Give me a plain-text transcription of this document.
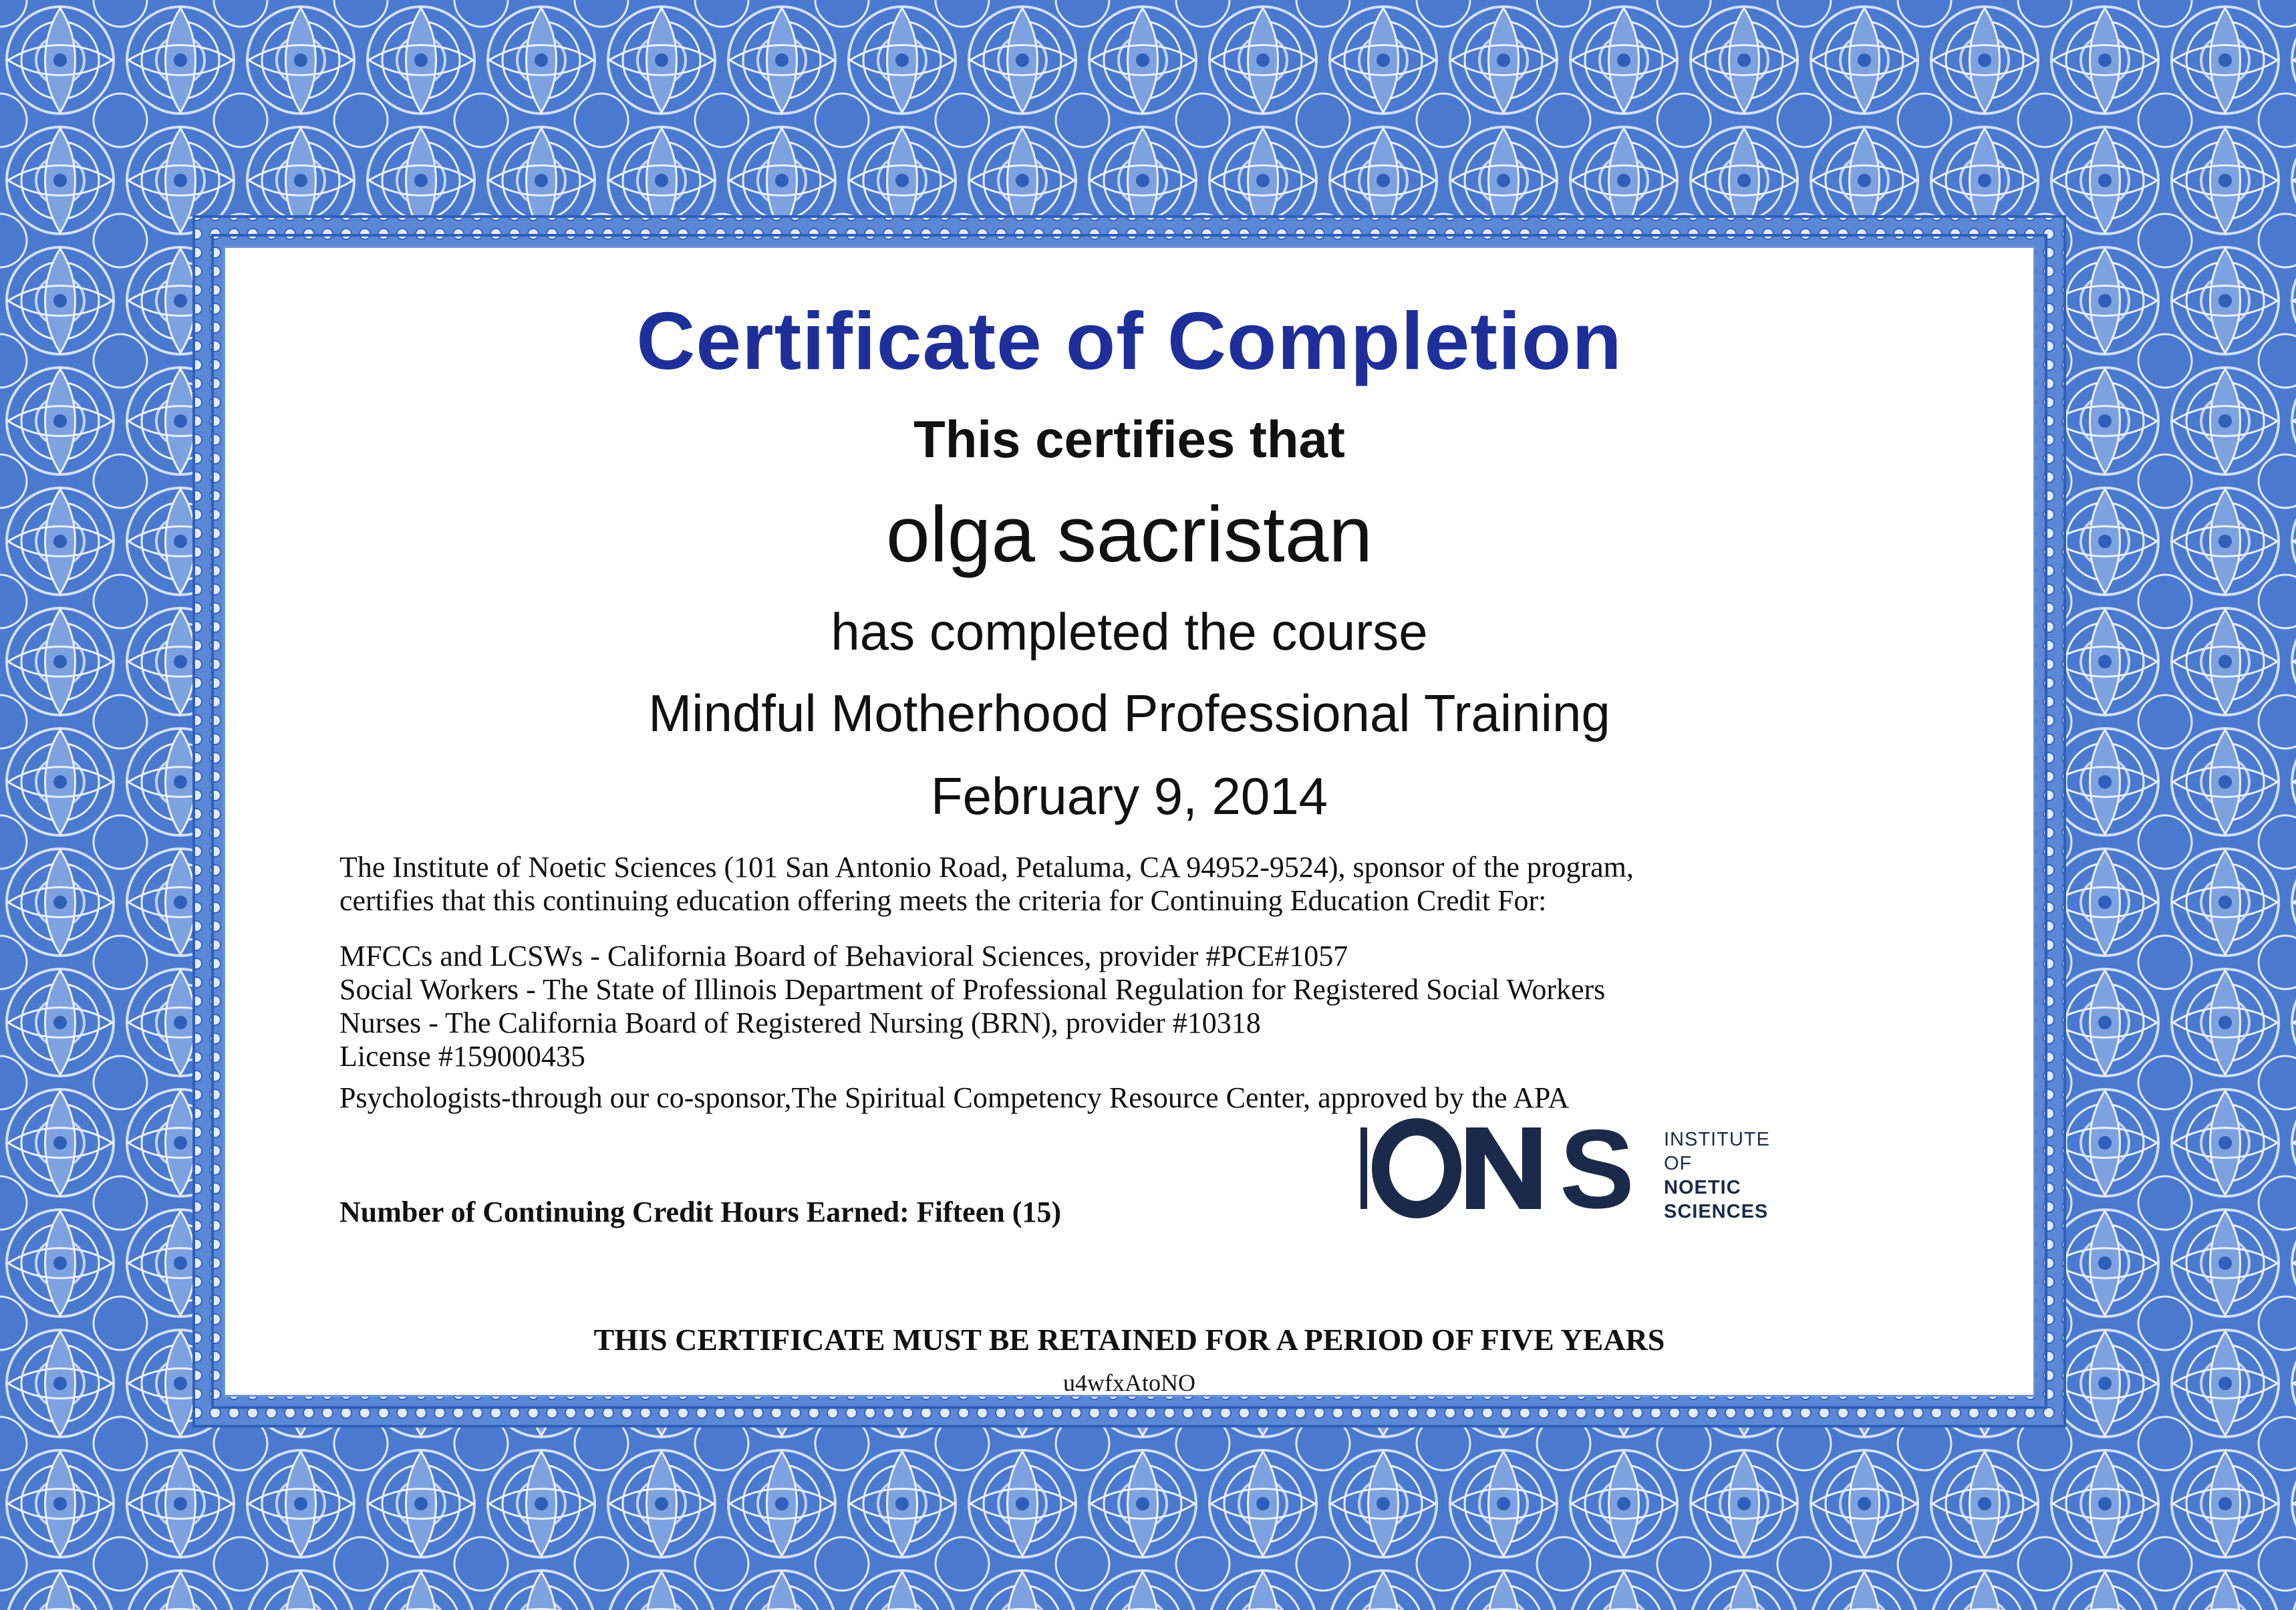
Certificate of Completion
This certifies that
olga sacristan
has completed the course
Mindful Motherhood Professional Training
February 9, 2014
The Institute of Noetic Sciences (101 San Antonio Road, Petaluma, CA 94952-9524), sponsor of the program,
certifies that this continuing education offering meets the criteria for Continuing Education Credit For:
MFCCs and LCSWs - California Board of Behavioral Sciences, provider #PCE#1057
Social Workers - The State of Illinois Department of Professional Regulation for Registered Social Workers
Nurses - The California Board of Registered Nursing (BRN), provider #10318
License #159000435
Psychologists-through our co-sponsor,The Spiritual Competency Resource Center, approved by the APA
Number of Continuing Credit Hours Earned: Fifteen (15)	S INSTITUTE
OF
NOETIC
SCIENCES
THIS CERTIFICATE MUST BE RETAINED FOR A PERIOD OF FIVE YEARS
u4wfxAtoNO
